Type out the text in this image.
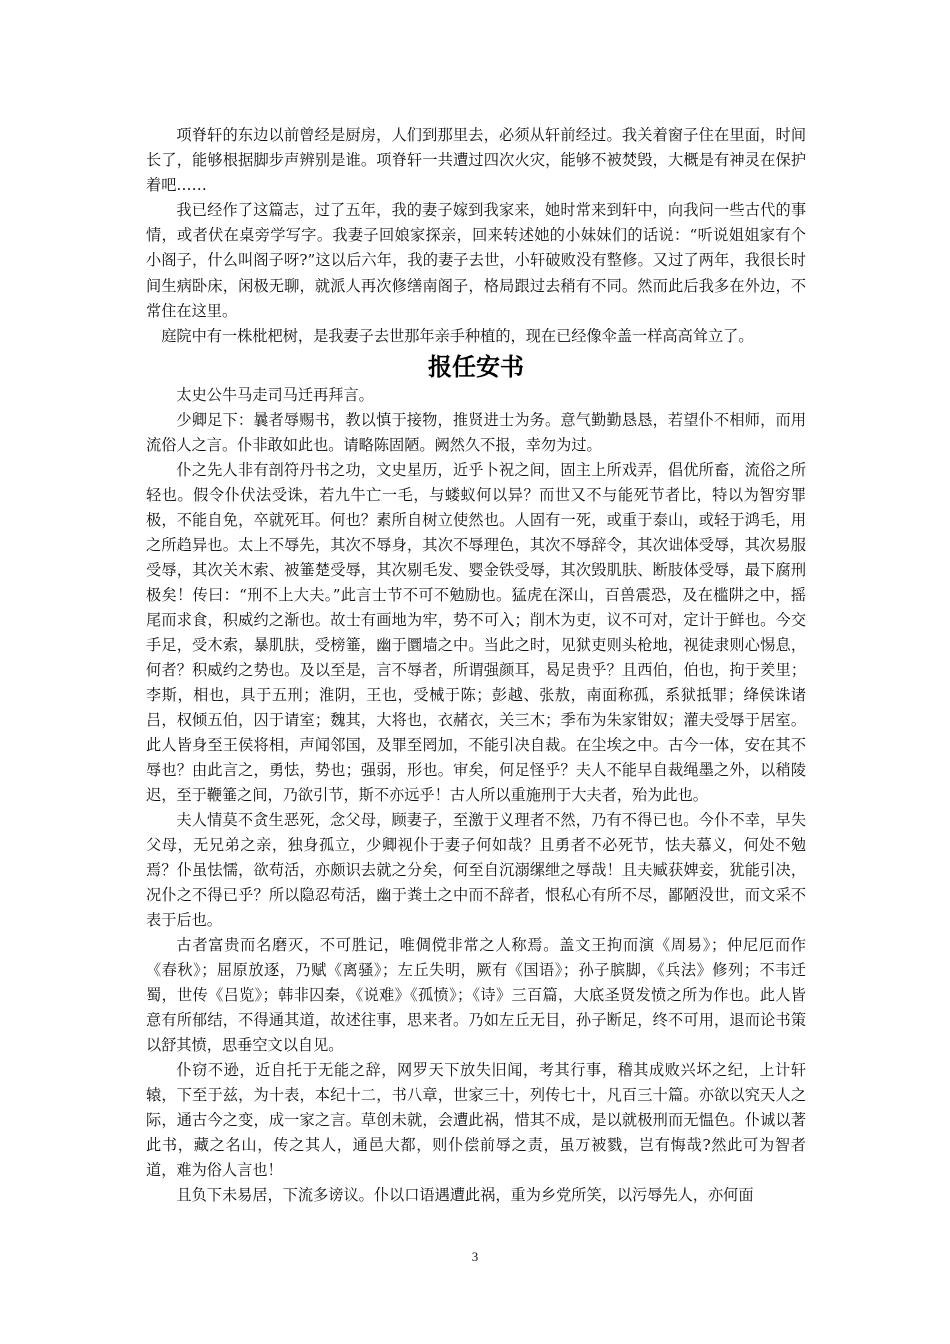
项脊轩的东边以前曾经是厨房，人们到那里去，必须从轩前经过。我关着窗子住在里面，时间长了，能够根据脚步声辨别是谁。项脊轩一共遭过四次火灾，能够不被焚毁，大概是有神灵在保护着吧……

我已经作了这篇志，过了五年，我的妻子嫁到我家来，她时常来到轩中，向我问一些古代的事情，或者伏在桌旁学写字。我妻子回娘家探亲，回来转述她的小妹妹们的话说：“听说姐姐家有个小阁子，什么叫阁子呀?”这以后六年，我的妻子去世，小轩破败没有整修。又过了两年，我很长时间生病卧床，闲极无聊，就派人再次修缮南阁子，格局跟过去稍有不同。然而此后我多在外边，不常住在这里。

庭院中有一株枇杷树，是我妻子去世那年亲手种植的，现在已经像伞盖一样高高耸立了。

报任安书

太史公牛马走司马迁再拜言。

少卿足下：曩者辱赐书，教以慎于接物，推贤进士为务。意气勤勤恳恳，若望仆不相师，而用流俗人之言。仆非敢如此也。请略陈固陋。阙然久不报，幸勿为过。

仆之先人非有剖符丹书之功，文史星历，近乎卜祝之间，固主上所戏弄，倡优所畜，流俗之所轻也。假令仆伏法受诛，若九牛亡一毛，与蝼蚁何以异？而世又不与能死节者比，特以为智穷罪极，不能自免，卒就死耳。何也？素所自树立使然也。人固有一死，或重于泰山，或轻于鸿毛，用之所趋异也。太上不辱先，其次不辱身，其次不辱理色，其次不辱辞令，其次诎体受辱，其次易服受辱，其次关木索、被箠楚受辱，其次剔毛发、婴金铁受辱，其次毁肌肤、断肢体受辱，最下腐刑极矣！传曰：“刑不上大夫。”此言士节不可不勉励也。猛虎在深山，百兽震恐，及在槛阱之中，摇尾而求食，积威约之渐也。故士有画地为牢，势不可入；削木为吏，议不可对，定计于鲜也。今交手足，受木索，暴肌肤，受榜箠，幽于圜墙之中。当此之时，见狱吏则头枪地，视徒隶则心惕息，何者？积威约之势也。及以至是，言不辱者，所谓强颜耳，曷足贵乎？且西伯，伯也，拘于羑里；李斯，相也，具于五刑；淮阴，王也，受械于陈；彭越、张敖，南面称孤，系狱抵罪；绛侯诛诸吕，权倾五伯，囚于请室；魏其，大将也，衣赭衣，关三木；季布为朱家钳奴；灌夫受辱于居室。此人皆身至王侯将相，声闻邻国，及罪至罔加，不能引决自裁。在尘埃之中。古今一体，安在其不辱也？由此言之，勇怯，势也；强弱，形也。审矣，何足怪乎？夫人不能早自裁绳墨之外，以稍陵迟，至于鞭箠之间，乃欲引节，斯不亦远乎！古人所以重施刑于大夫者，殆为此也。

夫人情莫不贪生恶死，念父母，顾妻子，至激于义理者不然，乃有不得已也。今仆不幸，早失父母，无兄弟之亲，独身孤立，少卿视仆于妻子何如哉？且勇者不必死节，怯夫慕义，何处不勉焉？仆虽怯懦，欲苟活，亦颇识去就之分矣，何至自沉溺缧绁之辱哉！且夫臧获婢妾，犹能引决，况仆之不得已乎？所以隐忍苟活，幽于粪土之中而不辞者，恨私心有所不尽，鄙陋没世，而文采不表于后也。

古者富贵而名磨灭，不可胜记，唯倜傥非常之人称焉。盖文王拘而演《周易》；仲尼厄而作《春秋》；屈原放逐，乃赋《离骚》；左丘失明，厥有《国语》；孙子膑脚，《兵法》修列；不韦迁蜀，世传《吕览》；韩非囚秦，《说难》《孤愤》；《诗》三百篇，大底圣贤发愤之所为作也。此人皆意有所郁结，不得通其道，故述往事，思来者。乃如左丘无目，孙子断足，终不可用，退而论书策以舒其愤，思垂空文以自见。

仆窃不逊，近自托于无能之辞，网罗天下放失旧闻，考其行事，稽其成败兴坏之纪，上计轩辕，下至于兹，为十表，本纪十二，书八章，世家三十，列传七十，凡百三十篇。亦欲以究天人之际，通古今之变，成一家之言。草创未就，会遭此祸，惜其不成，是以就极刑而无愠色。仆诚以著此书，藏之名山，传之其人，通邑大都，则仆偿前辱之责，虽万被戮，岂有悔哉?然此可为智者道，难为俗人言也！

且负下未易居，下流多谤议。仆以口语遇遭此祸，重为乡党所笑，以污辱先人，亦何面

3
